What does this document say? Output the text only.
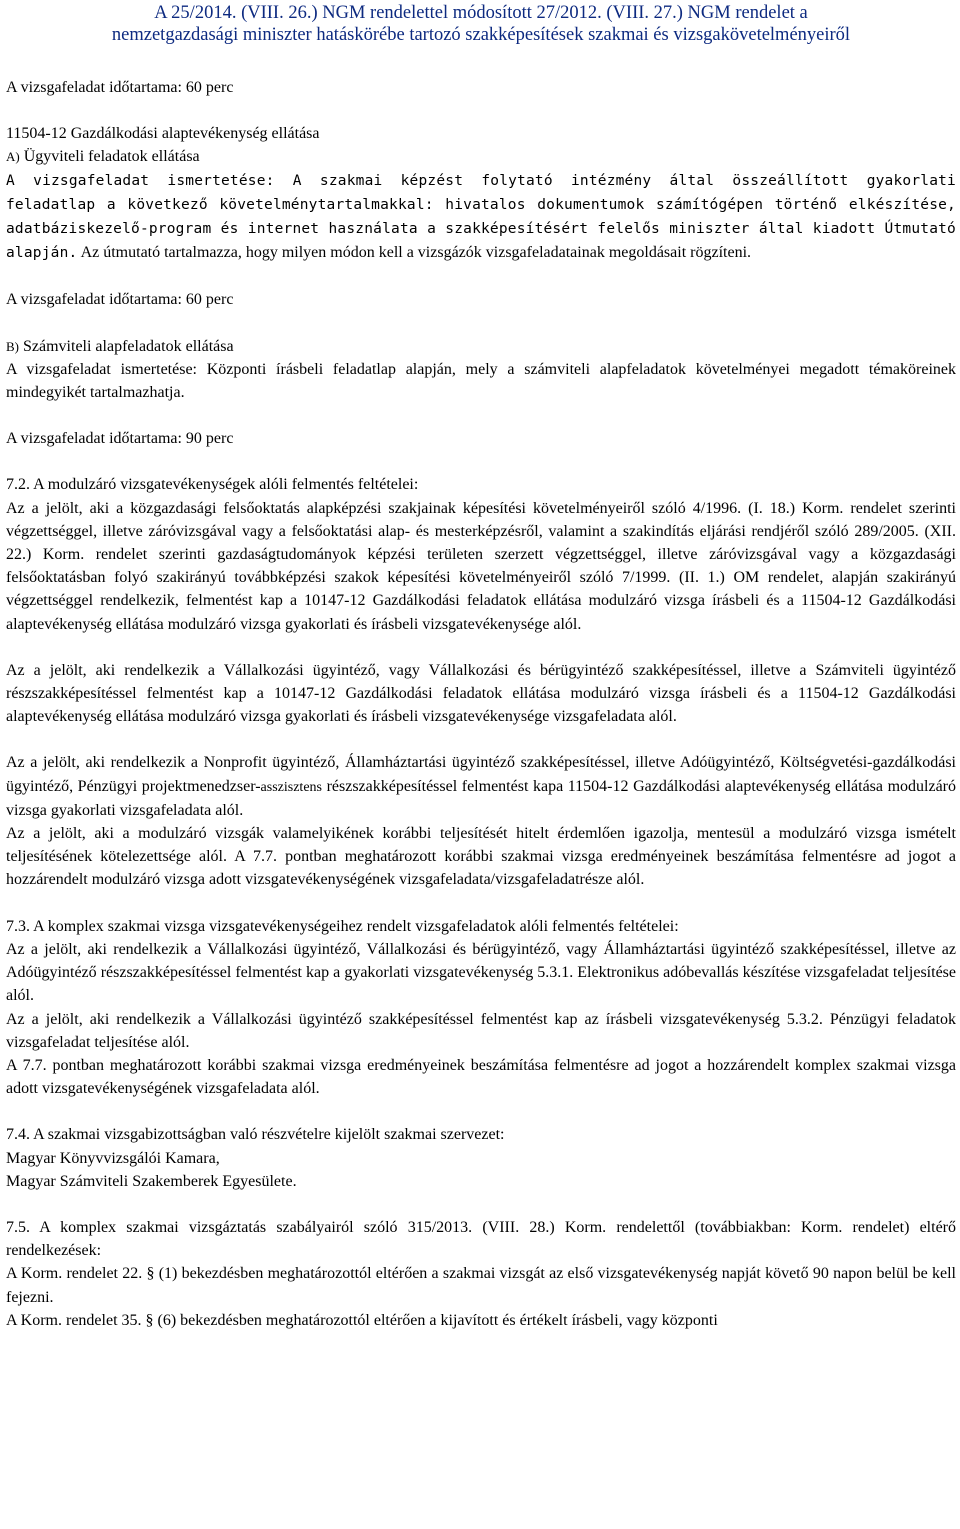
A 25/2014. (VIII. 26.) NGM rendelettel módosított 27/2012. (VIII. 27.) NGM rendelet a
nemzetgazdasági miniszter hatáskörébe tartozó szakképesítések szakmai és vizsgakövetelményeiről

A vizsgafeladat időtartama: 60 perc

11504-12 Gazdálkodási alaptevékenység ellátása

A) Ügyviteli feladatok ellátása

A vizsgafeladat ismertetése: A szakmai képzést folytató intézmény által összeállított gyakorlati feladatlap a következő követelménytartalmakkal: hivatalos dokumentumok számítógépen történő elkészítése, adatbáziskezelő-program és internet használata a szakképesítésért felelős miniszter által kiadott Útmutató alapján. Az útmutató tartalmazza, hogy milyen módon kell a vizsgázók vizsgafeladatainak megoldásait rögzíteni.

A vizsgafeladat időtartama: 60 perc

B) Számviteli alapfeladatok ellátása

A vizsgafeladat ismertetése: Központi írásbeli feladatlap alapján, mely a számviteli alapfeladatok követelményei megadott témaköreinek mindegyikét tartalmazhatja.

A vizsgafeladat időtartama: 90 perc

7.2. A modulzáró vizsgatevékenységek alóli felmentés feltételei:

Az a jelölt, aki a közgazdasági felsőoktatás alapképzési szakjainak képesítési követelményeiről szóló 4/1996. (I. 18.) Korm. rendelet szerinti végzettséggel, illetve záróvizsgával vagy a felsőoktatási alap- és mesterképzésről, valamint a szakindítás eljárási rendjéről szóló 289/2005. (XII. 22.) Korm. rendelet szerinti gazdaságtudományok képzési területen szerzett végzettséggel, illetve záróvizsgával vagy a közgazdasági felsőoktatásban folyó szakirányú továbbképzési szakok képesítési követelményeiről szóló 7/1999. (II. 1.) OM rendelet, alapján szakirányú végzettséggel rendelkezik, felmentést kap a 10147-12 Gazdálkodási feladatok ellátása modulzáró vizsga írásbeli és a 11504-12 Gazdálkodási alaptevékenység ellátása modulzáró vizsga gyakorlati és írásbeli vizsgatevékenysége alól.

Az a jelölt, aki rendelkezik a Vállalkozási ügyintéző, vagy Vállalkozási és bérügyintéző szakképesítéssel, illetve a Számviteli ügyintéző részszakképesítéssel felmentést kap a 10147-12 Gazdálkodási feladatok ellátása modulzáró vizsga írásbeli és a 11504-12 Gazdálkodási alaptevékenység ellátása modulzáró vizsga gyakorlati és írásbeli vizsgatevékenysége vizsgafeladata alól.

Az a jelölt, aki rendelkezik a Nonprofit ügyintéző, Államháztartási ügyintéző szakképesítéssel, illetve Adóügyintéző, Költségvetési-gazdálkodási ügyintéző, Pénzügyi projektmenedzser-asszisztens részszakképesítéssel felmentést kapa 11504-12 Gazdálkodási alaptevékenység ellátása modulzáró vizsga gyakorlati vizsgafeladata alól.

Az a jelölt, aki a modulzáró vizsgák valamelyikének korábbi teljesítését hitelt érdemlően igazolja, mentesül a modulzáró vizsga ismételt teljesítésének kötelezettsége alól. A 7.7. pontban meghatározott korábbi szakmai vizsga eredményeinek beszámítása felmentésre ad jogot a hozzárendelt modulzáró vizsga adott vizsgatevékenységének vizsgafeladata/vizsgafeladatrésze alól.

7.3. A komplex szakmai vizsga vizsgatevékenységeihez rendelt vizsgafeladatok alóli felmentés feltételei:

Az a jelölt, aki rendelkezik a Vállalkozási ügyintéző, Vállalkozási és bérügyintéző, vagy Államháztartási ügyintéző szakképesítéssel, illetve az Adóügyintéző részszakképesítéssel felmentést kap a gyakorlati vizsgatevékenység 5.3.1. Elektronikus adóbevallás készítése vizsgafeladat teljesítése alól.

Az a jelölt, aki rendelkezik a Vállalkozási ügyintéző szakképesítéssel felmentést kap az írásbeli vizsgatevékenység 5.3.2. Pénzügyi feladatok vizsgafeladat teljesítése alól.

A 7.7. pontban meghatározott korábbi szakmai vizsga eredményeinek beszámítása felmentésre ad jogot a hozzárendelt komplex szakmai vizsga adott vizsgatevékenységének vizsgafeladata alól.

7.4. A szakmai vizsgabizottságban való részvételre kijelölt szakmai szervezet:

Magyar Könyvvizsgálói Kamara,

Magyar Számviteli Szakemberek Egyesülete.

7.5. A komplex szakmai vizsgáztatás szabályairól szóló 315/2013. (VIII. 28.) Korm. rendelettől (továbbiakban: Korm. rendelet) eltérő rendelkezések:

A Korm. rendelet 22. § (1) bekezdésben meghatározottól eltérően a szakmai vizsgát az első vizsgatevékenység napját követő 90 napon belül be kell fejezni.

A Korm. rendelet 35. § (6) bekezdésben meghatározottól eltérően a kijavított és értékelt írásbeli, vagy központi
